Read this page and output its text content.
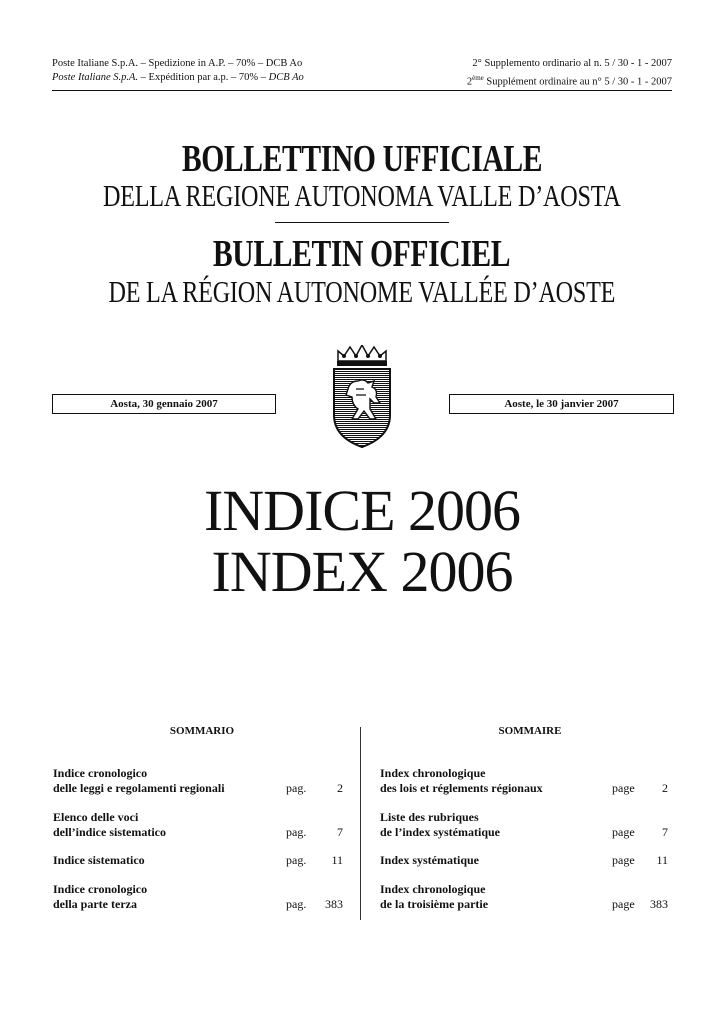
Poste Italiane S.p.A. – Spedizione in A.P. – 70% – DCB Ao
Poste Italiane S.p.A. – Expédition par a.p. – 70% – DCB Ao
2° Supplemento ordinario al n. 5 / 30 - 1 - 2007
2ème Supplément ordinaire au n° 5 / 30 - 1 - 2007
BOLLETTINO UFFICIALE
DELLA REGIONE AUTONOMA VALLE D’AOSTA
BULLETIN OFFICIEL
DE LA RÉGION AUTONOME VALLÉE D’AOSTE
Aosta, 30 gennaio 2007	Aoste, le 30 janvier 2007
INDICE 2006
INDEX 2006
SOMMARIO	SOMMAIRE
Indice cronologico
delle leggi e regolamenti regionali	pag.	2
Elenco delle voci
dell’indice sistematico	pag.	7
Indice sistematico	pag.	11
Indice cronologico
della parte terza	pag.	383
Index chronologique
des lois et réglements régionaux	page	2
Liste des rubriques
de l’index systématique	page	7
Index systématique	page	11
Index chronologique
de la troisième partie	page	383
